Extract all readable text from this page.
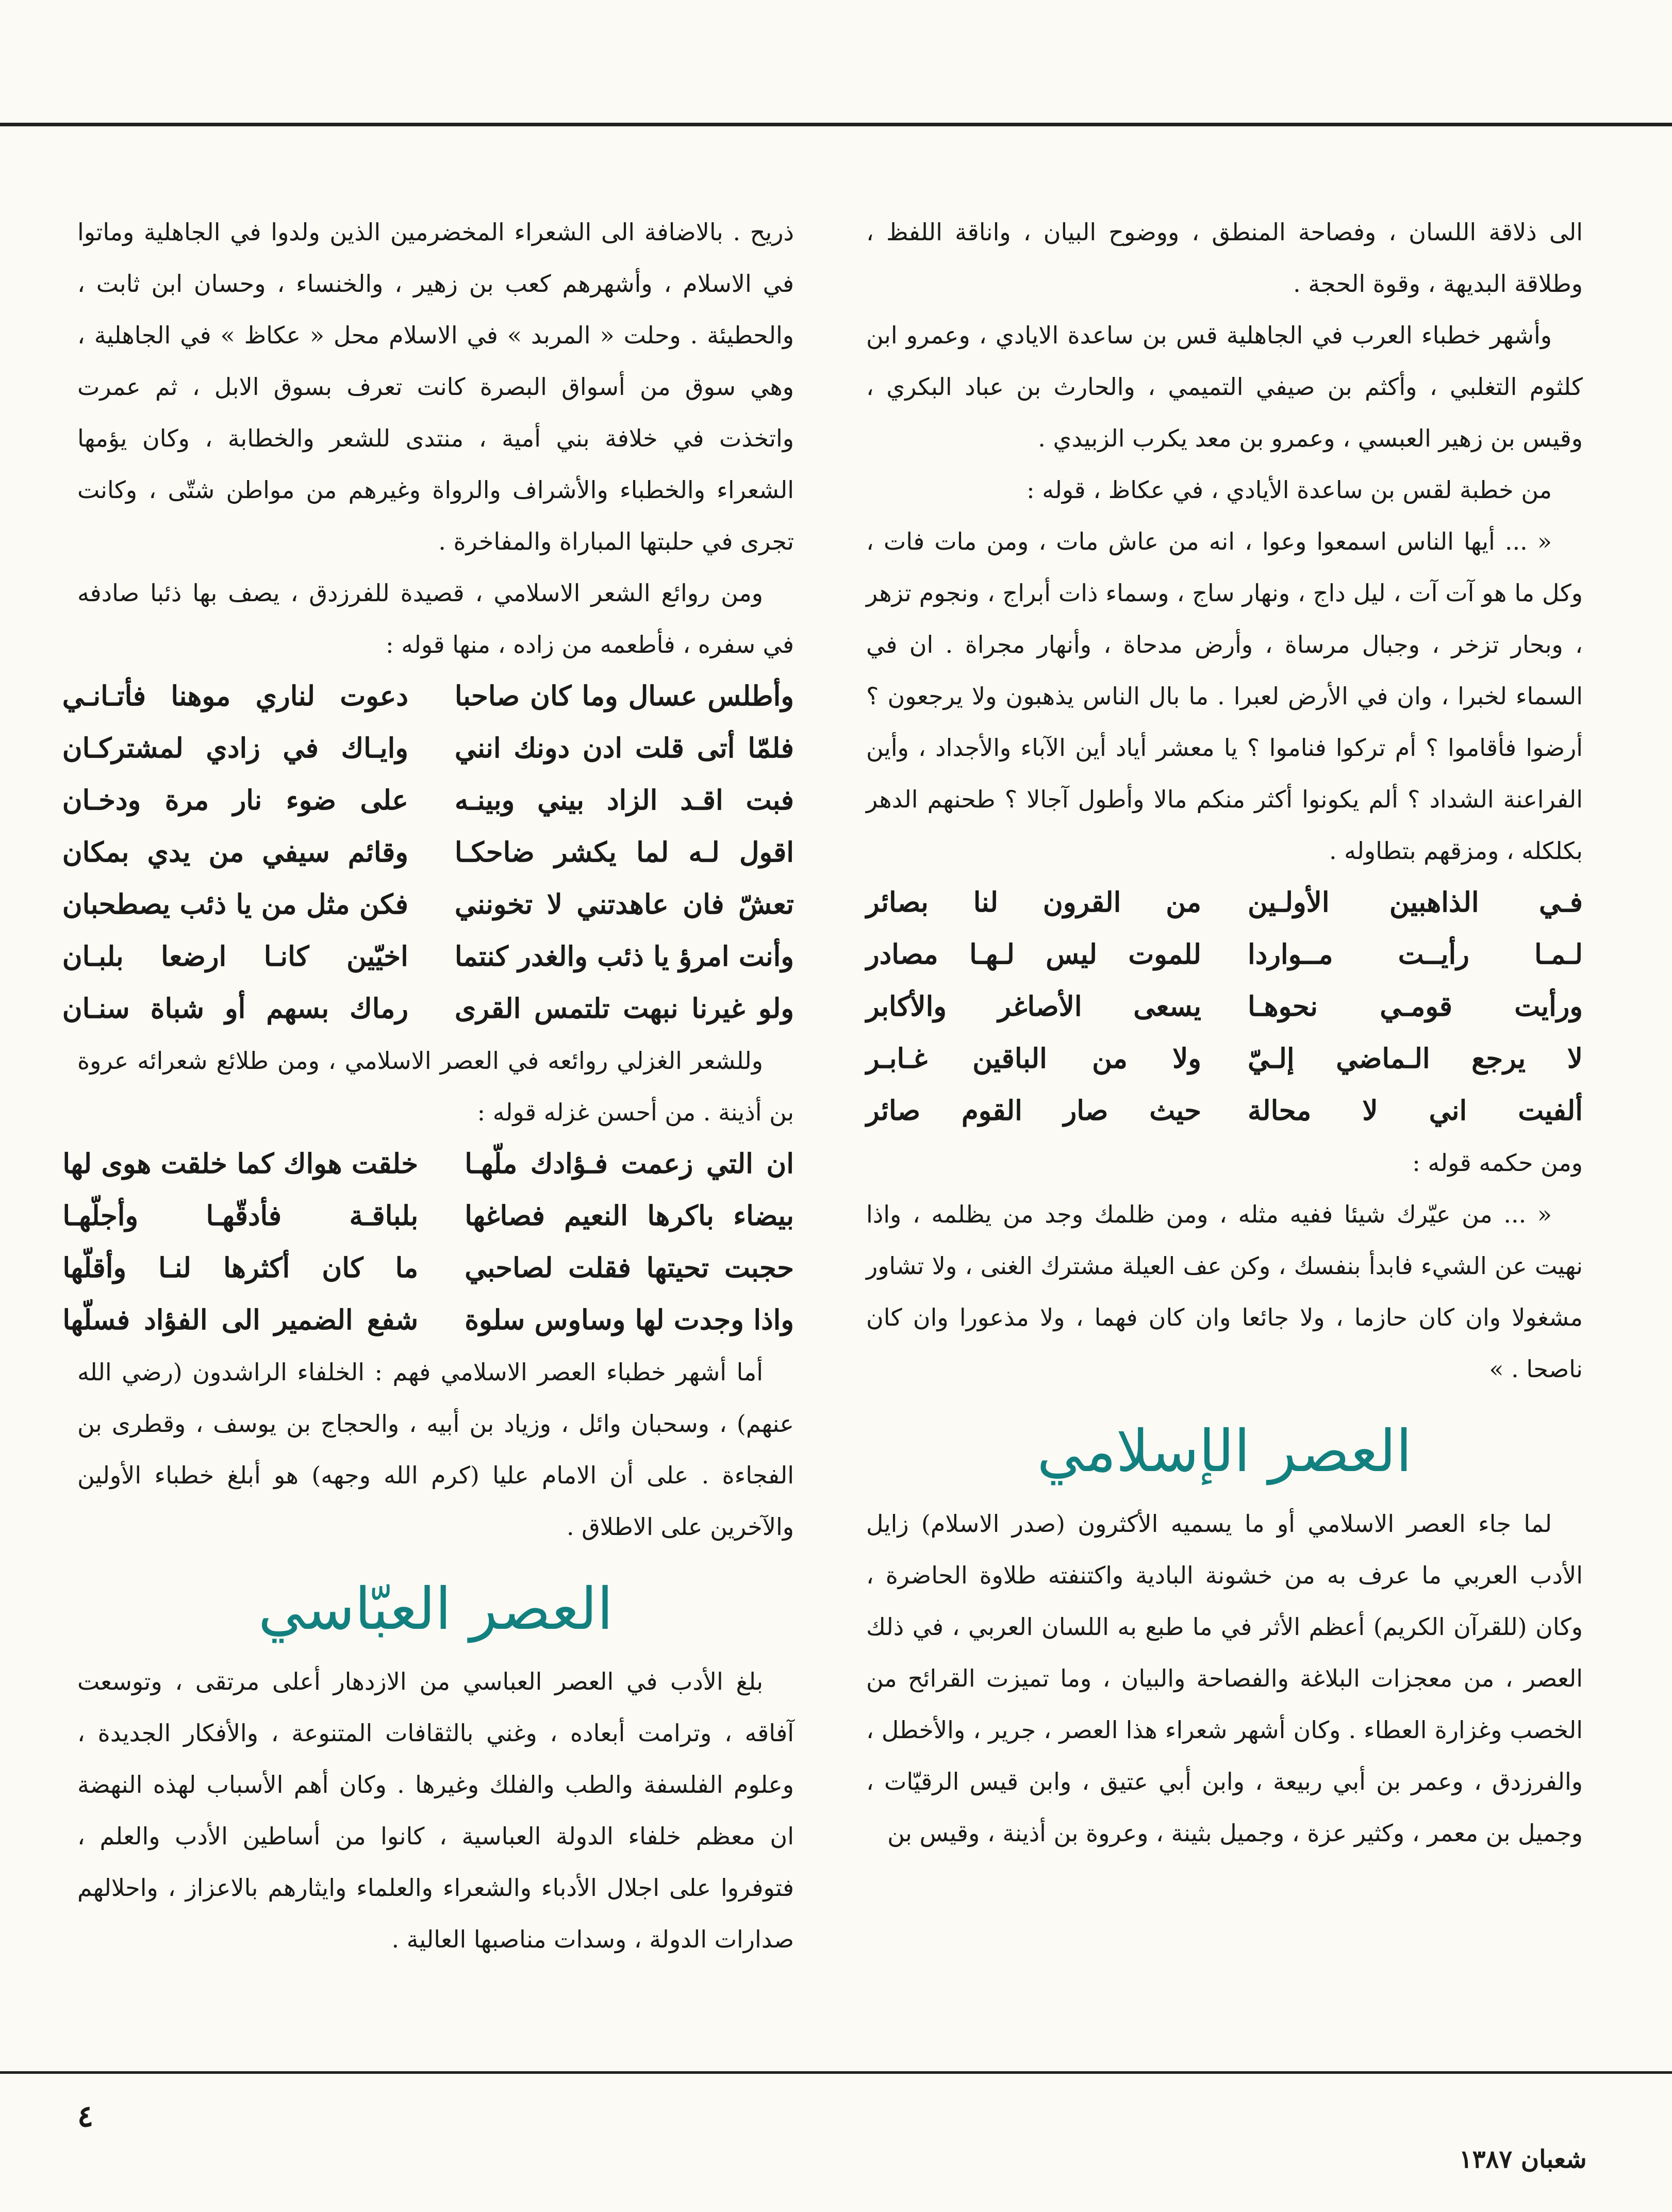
الى ذلاقة اللسان ، وفصاحة المنطق ، ووضوح البيان ، واناقة اللفظ ، وطلاقة البديهة ، وقوة الحجة .

وأشهر خطباء العرب في الجاهلية قس بن ساعدة الايادي ، وعمرو ابن كلثوم التغلبي ، وأكثم بن صيفي التميمي ، والحارث بن عباد البكري ، وقيس بن زهير العبسي ، وعمرو بن معد يكرب الزبيدي .

من خطبة لقس بن ساعدة الأيادي ، في عكاظ ، قوله :

« ... أيها الناس اسمعوا وعوا ، انه من عاش مات ، ومن مات فات ، وكل ما هو آت آت ، ليل داج ، ونهار ساج ، وسماء ذات أبراج ، ونجوم تزهر ، وبحار تزخر ، وجبال مرساة ، وأرض مدحاة ، وأنهار مجراة . ان في السماء لخبرا ، وان في الأرض لعبرا . ما بال الناس يذهبون ولا يرجعون ؟ أرضوا فأقاموا ؟ أم تركوا فناموا ؟ يا معشر أياد أين الآباء والأجداد ، وأين الفراعنة الشداد ؟ ألم يكونوا أكثر منكم مالا وأطول آجالا ؟ طحنهم الدهر بكلكله ، ومزقهم بتطاوله .

فـي الذاهبين الأولـين
من القرون لنا بصائر
لـمـا رأيــت مــواردا
للموت ليس لـهـا مصادر
ورأيت قومـي نحوهـا
يسعى الأصاغر والأكابر
لا يرجع الـماضي إلـيّ
ولا من الباقين غـابـر
ألفيت اني لا محالة
حيث صار القوم صائر

ومن حكمه قوله :

« ... من عيّرك شيئا ففيه مثله ، ومن ظلمك وجد من يظلمه ، واذا نهيت عن الشيء فابدأ بنفسك ، وكن عف العيلة مشترك الغنى ، ولا تشاور مشغولا وان كان حازما ، ولا جائعا وان كان فهما ، ولا مذعورا وان كان ناصحا . »

العصر الإسلامي

لما جاء العصر الاسلامي أو ما يسميه الأكثرون (صدر الاسلام) زايل الأدب العربي ما عرف به من خشونة البادية واكتنفته طلاوة الحاضرة ، وكان (للقرآن الكريم) أعظم الأثر في ما طبع به اللسان العربي ، في ذلك العصر ، من معجزات البلاغة والفصاحة والبيان ، وما تميزت القرائح من الخصب وغزارة العطاء . وكان أشهر شعراء هذا العصر ، جرير ، والأخطل ، والفرزدق ، وعمر بن أبي ربيعة ، وابن أبي عتيق ، وابن قيس الرقيّات ، وجميل بن معمر ، وكثير عزة ، وجميل بثينة ، وعروة بن أذينة ، وقيس بن

ذريح . بالاضافة الى الشعراء المخضرمين الذين ولدوا في الجاهلية وماتوا في الاسلام ، وأشهرهم كعب بن زهير ، والخنساء ، وحسان ابن ثابت ، والحطيئة . وحلت « المربد » في الاسلام محل « عكاظ » في الجاهلية ، وهي سوق من أسواق البصرة كانت تعرف بسوق الابل ، ثم عمرت واتخذت في خلافة بني أمية ، منتدى للشعر والخطابة ، وكان يؤمها الشعراء والخطباء والأشراف والرواة وغيرهم من مواطن شتّى ، وكانت تجرى في حلبتها المباراة والمفاخرة .

ومن روائع الشعر الاسلامي ، قصيدة للفرزدق ، يصف بها ذئبا صادفه في سفره ، فأطعمه من زاده ، منها قوله :

وأطلس عسال وما كان صاحبا
دعوت لناري موهنا فأتـانـي
فلمّا أتى قلت ادن دونك انني
وايـاك في زادي لمشتركـان
فبت اقـد الزاد بيني وبينـه
على ضوء نار مرة ودخـان
اقول لـه لما يكشر ضاحكـا
وقائم سيفي من يدي بمكان
تعشّ فان عاهدتني لا تخونني
فكن مثل من يا ذئب يصطحبان
وأنت امرؤ يا ذئب والغدر كنتما
اخيّين كانـا ارضعا بلبـان
ولو غيرنا نبهت تلتمس القرى
رماك بسهم أو شباة سنـان

وللشعر الغزلي روائعه في العصر الاسلامي ، ومن طلائع شعرائه عروة بن أذينة . من أحسن غزله قوله :

ان التي زعمت فـؤادك ملّهـا
خلقت هواك كما خلقت هوى لها
بيضاء باكرها النعيم فصاغها
بلباقـة فأدقّهـا وأجلّهـا
حجبت تحيتها فقلت لصاحبي
ما كان أكثرها لنـا وأقلّها
واذا وجدت لها وساوس سلوة
شفع الضمير الى الفؤاد فسلّها

أما أشهر خطباء العصر الاسلامي فهم : الخلفاء الراشدون (رضي الله عنهم) ، وسحبان وائل ، وزياد بن أبيه ، والحجاج بن يوسف ، وقطرى بن الفجاءة . على أن الامام عليا (كرم الله وجهه) هو أبلغ خطباء الأولين والآخرين على الاطلاق .

العصر العبّاسي

بلغ الأدب في العصر العباسي من الازدهار أعلى مرتقى ، وتوسعت آفاقه ، وترامت أبعاده ، وغني بالثقافات المتنوعة ، والأفكار الجديدة ، وعلوم الفلسفة والطب والفلك وغيرها . وكان أهم الأسباب لهذه النهضة ان معظم خلفاء الدولة العباسية ، كانوا من أساطين الأدب والعلم ، فتوفروا على اجلال الأدباء والشعراء والعلماء وايثارهم بالاعزاز ، واحلالهم صدارات الدولة ، وسدات مناصبها العالية .

٤
شعبان ١٣٨٧
